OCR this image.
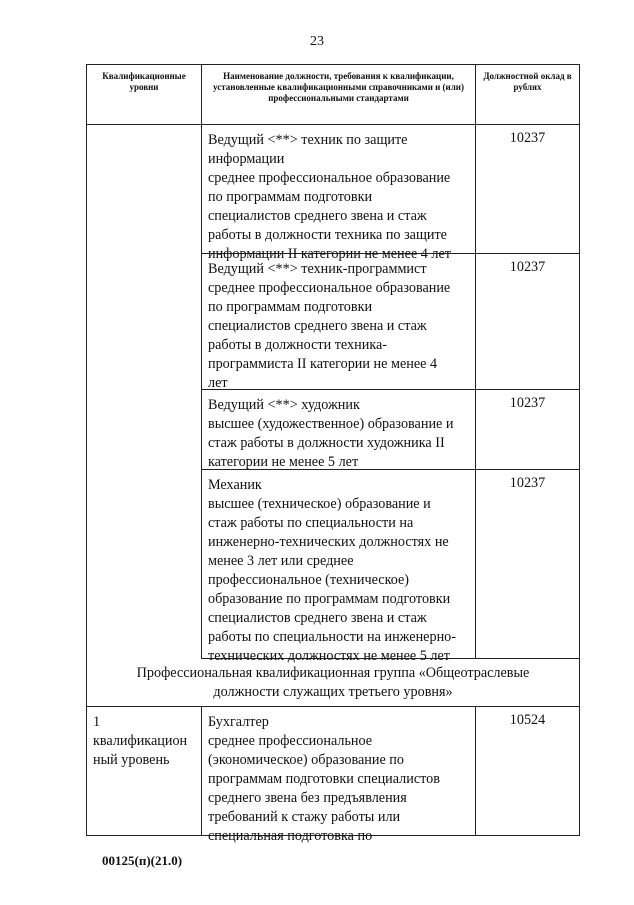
23
Квалификационные уровни
Наименование должности, требования к квалификации, установленные квалификационными справочниками и (или) профессиональными стандартами
Должностной оклад в рублях
Ведущий <**> техник по защите
информации
среднее профессиональное образование
по программам подготовки
специалистов среднего звена и стаж
работы в должности техника по защите
информации II категории не менее 4 лет
10237
Ведущий <**> техник-программист
среднее профессиональное образование
по программам подготовки
специалистов среднего звена и стаж
работы в должности техника-
программиста II категории не менее 4
лет
10237
Ведущий <**> художник
высшее (художественное) образование и
стаж работы в должности художника II
категории не менее 5 лет
10237
Механик
высшее (техническое) образование и
стаж работы по специальности на
инженерно-технических должностях не
менее 3 лет или среднее
профессиональное (техническое)
образование по программам подготовки
специалистов среднего звена и стаж
работы по специальности на инженерно-
технических должностях не менее 5 лет
10237
Профессиональная квалификационная группа «Общеотраслевые
должности служащих третьего уровня»
1
квалификацион
ный уровень
Бухгалтер
среднее профессиональное
(экономическое) образование по
программам подготовки специалистов
среднего звена без предъявления
требований к стажу работы или
специальная подготовка по
10524
00125(п)(21.0)
